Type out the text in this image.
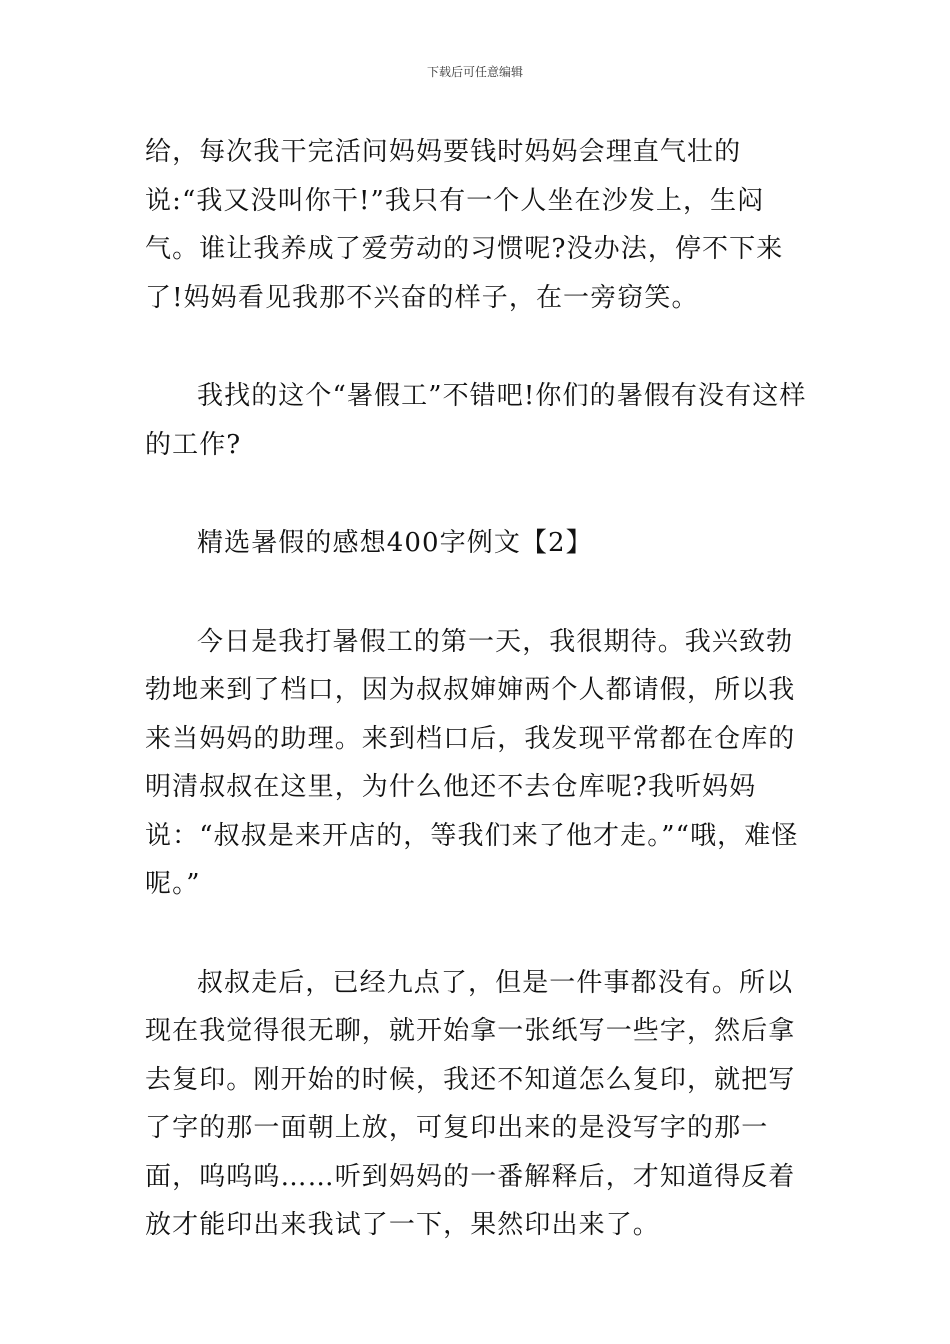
下载后可任意编辑

给，每次我干完活问妈妈要钱时妈妈会理直气壮的说:“我又没叫你干!”我只有一个人坐在沙发上，生闷气。谁让我养成了爱劳动的习惯呢?没办法，停不下来了!妈妈看见我那不兴奋的样子，在一旁窃笑。

我找的这个“暑假工”不错吧!你们的暑假有没有这样的工作?

精选暑假的感想400字例文【2】

今日是我打暑假工的第一天，我很期待。我兴致勃勃地来到了档口，因为叔叔婶婶两个人都请假，所以我来当妈妈的助理。来到档口后，我发现平常都在仓库的明清叔叔在这里，为什么他还不去仓库呢?我听妈妈说：“叔叔是来开店的，等我们来了他才走。”“哦，难怪呢。”

叔叔走后，已经九点了，但是一件事都没有。所以现在我觉得很无聊，就开始拿一张纸写一些字，然后拿去复印。刚开始的时候，我还不知道怎么复印，就把写了字的那一面朝上放，可复印出来的是没写字的那一面，呜呜呜……听到妈妈的一番解释后，才知道得反着放才能印出来我试了一下，果然印出来了。
